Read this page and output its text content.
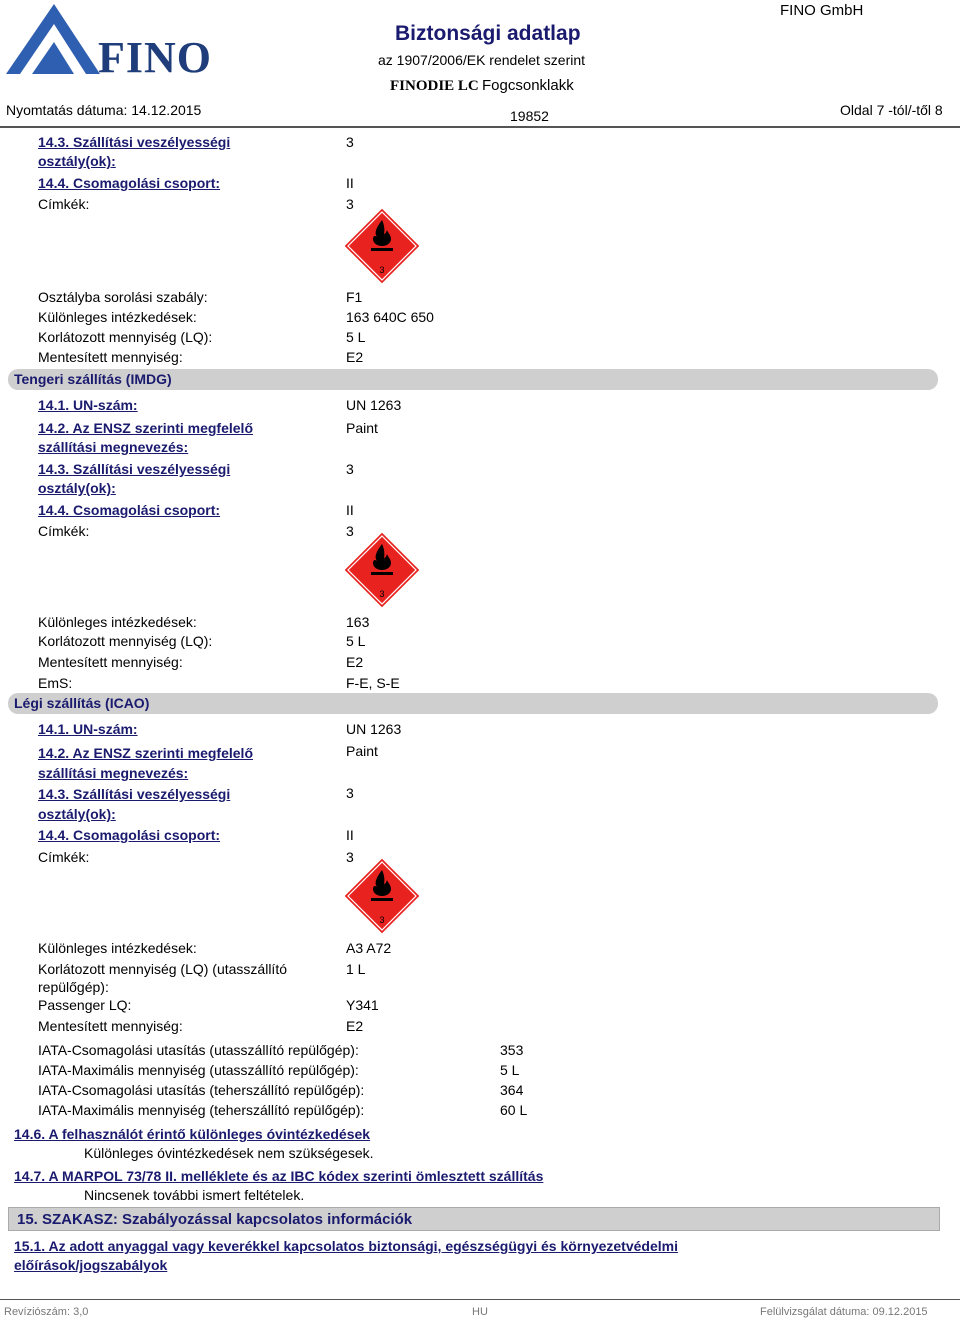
FINO	Biztonsági adatlap
az 1907/2006/EK rendelet szerint
FINODIE LC Fogcsonklakk
FINO GmbH
Nyomtatás dátuma: 14.12.2015	19852	Oldal 7 -tól/-től 8
14.3. Szállítási veszélyességi
osztály(ok):
3
14.4. Csomagolási csoport:	II
Címkék:	3
3
Osztályba sorolási szabály:	F1
Különleges intézkedések:	163 640C 650
Korlátozott mennyiség (LQ):	5 L
Mentesített mennyiség:	E2
Tengeri szállítás (IMDG)
14.1. UN-szám:	UN 1263
14.2. Az ENSZ szerinti megfelelő
szállítási megnevezés:
Paint
14.3. Szállítási veszélyességi
osztály(ok):
3
14.4. Csomagolási csoport:	II
Címkék:	3
3
Különleges intézkedések:	163
Korlátozott mennyiség (LQ):	5 L
Mentesített mennyiség:	E2
EmS:	F-E, S-E
Légi szállítás (ICAO)
14.1. UN-szám:	UN 1263
14.2. Az ENSZ szerinti megfelelő
szállítási megnevezés:
Paint
14.3. Szállítási veszélyességi
osztály(ok):
3
14.4. Csomagolási csoport:	II
Címkék:	3
3
Különleges intézkedések:	A3 A72
Korlátozott mennyiség (LQ) (utasszállító
repülőgép):
1 L
Passenger LQ:	Y341
Mentesített mennyiség:	E2
IATA-Csomagolási utasítás (utasszállító repülőgép):	353
IATA-Maximális mennyiség (utasszállító repülőgép):	5 L
IATA-Csomagolási utasítás (teherszállító repülőgép):	364
IATA-Maximális mennyiség (teherszállító repülőgép):	60 L
14.6. A felhasználót érintő különleges óvintézkedések
Különleges óvintézkedések nem szükségesek.
14.7. A MARPOL 73/78 II. melléklete és az IBC kódex szerinti ömlesztett szállítás
Nincsenek további ismert feltételek.
15. SZAKASZ: Szabályozással kapcsolatos információk
15.1. Az adott anyaggal vagy keverékkel kapcsolatos biztonsági, egészségügyi és környezetvédelmi
előírások/jogszabályok
Revíziószám: 3,0	HU	Felülvizsgálat dátuma: 09.12.2015
